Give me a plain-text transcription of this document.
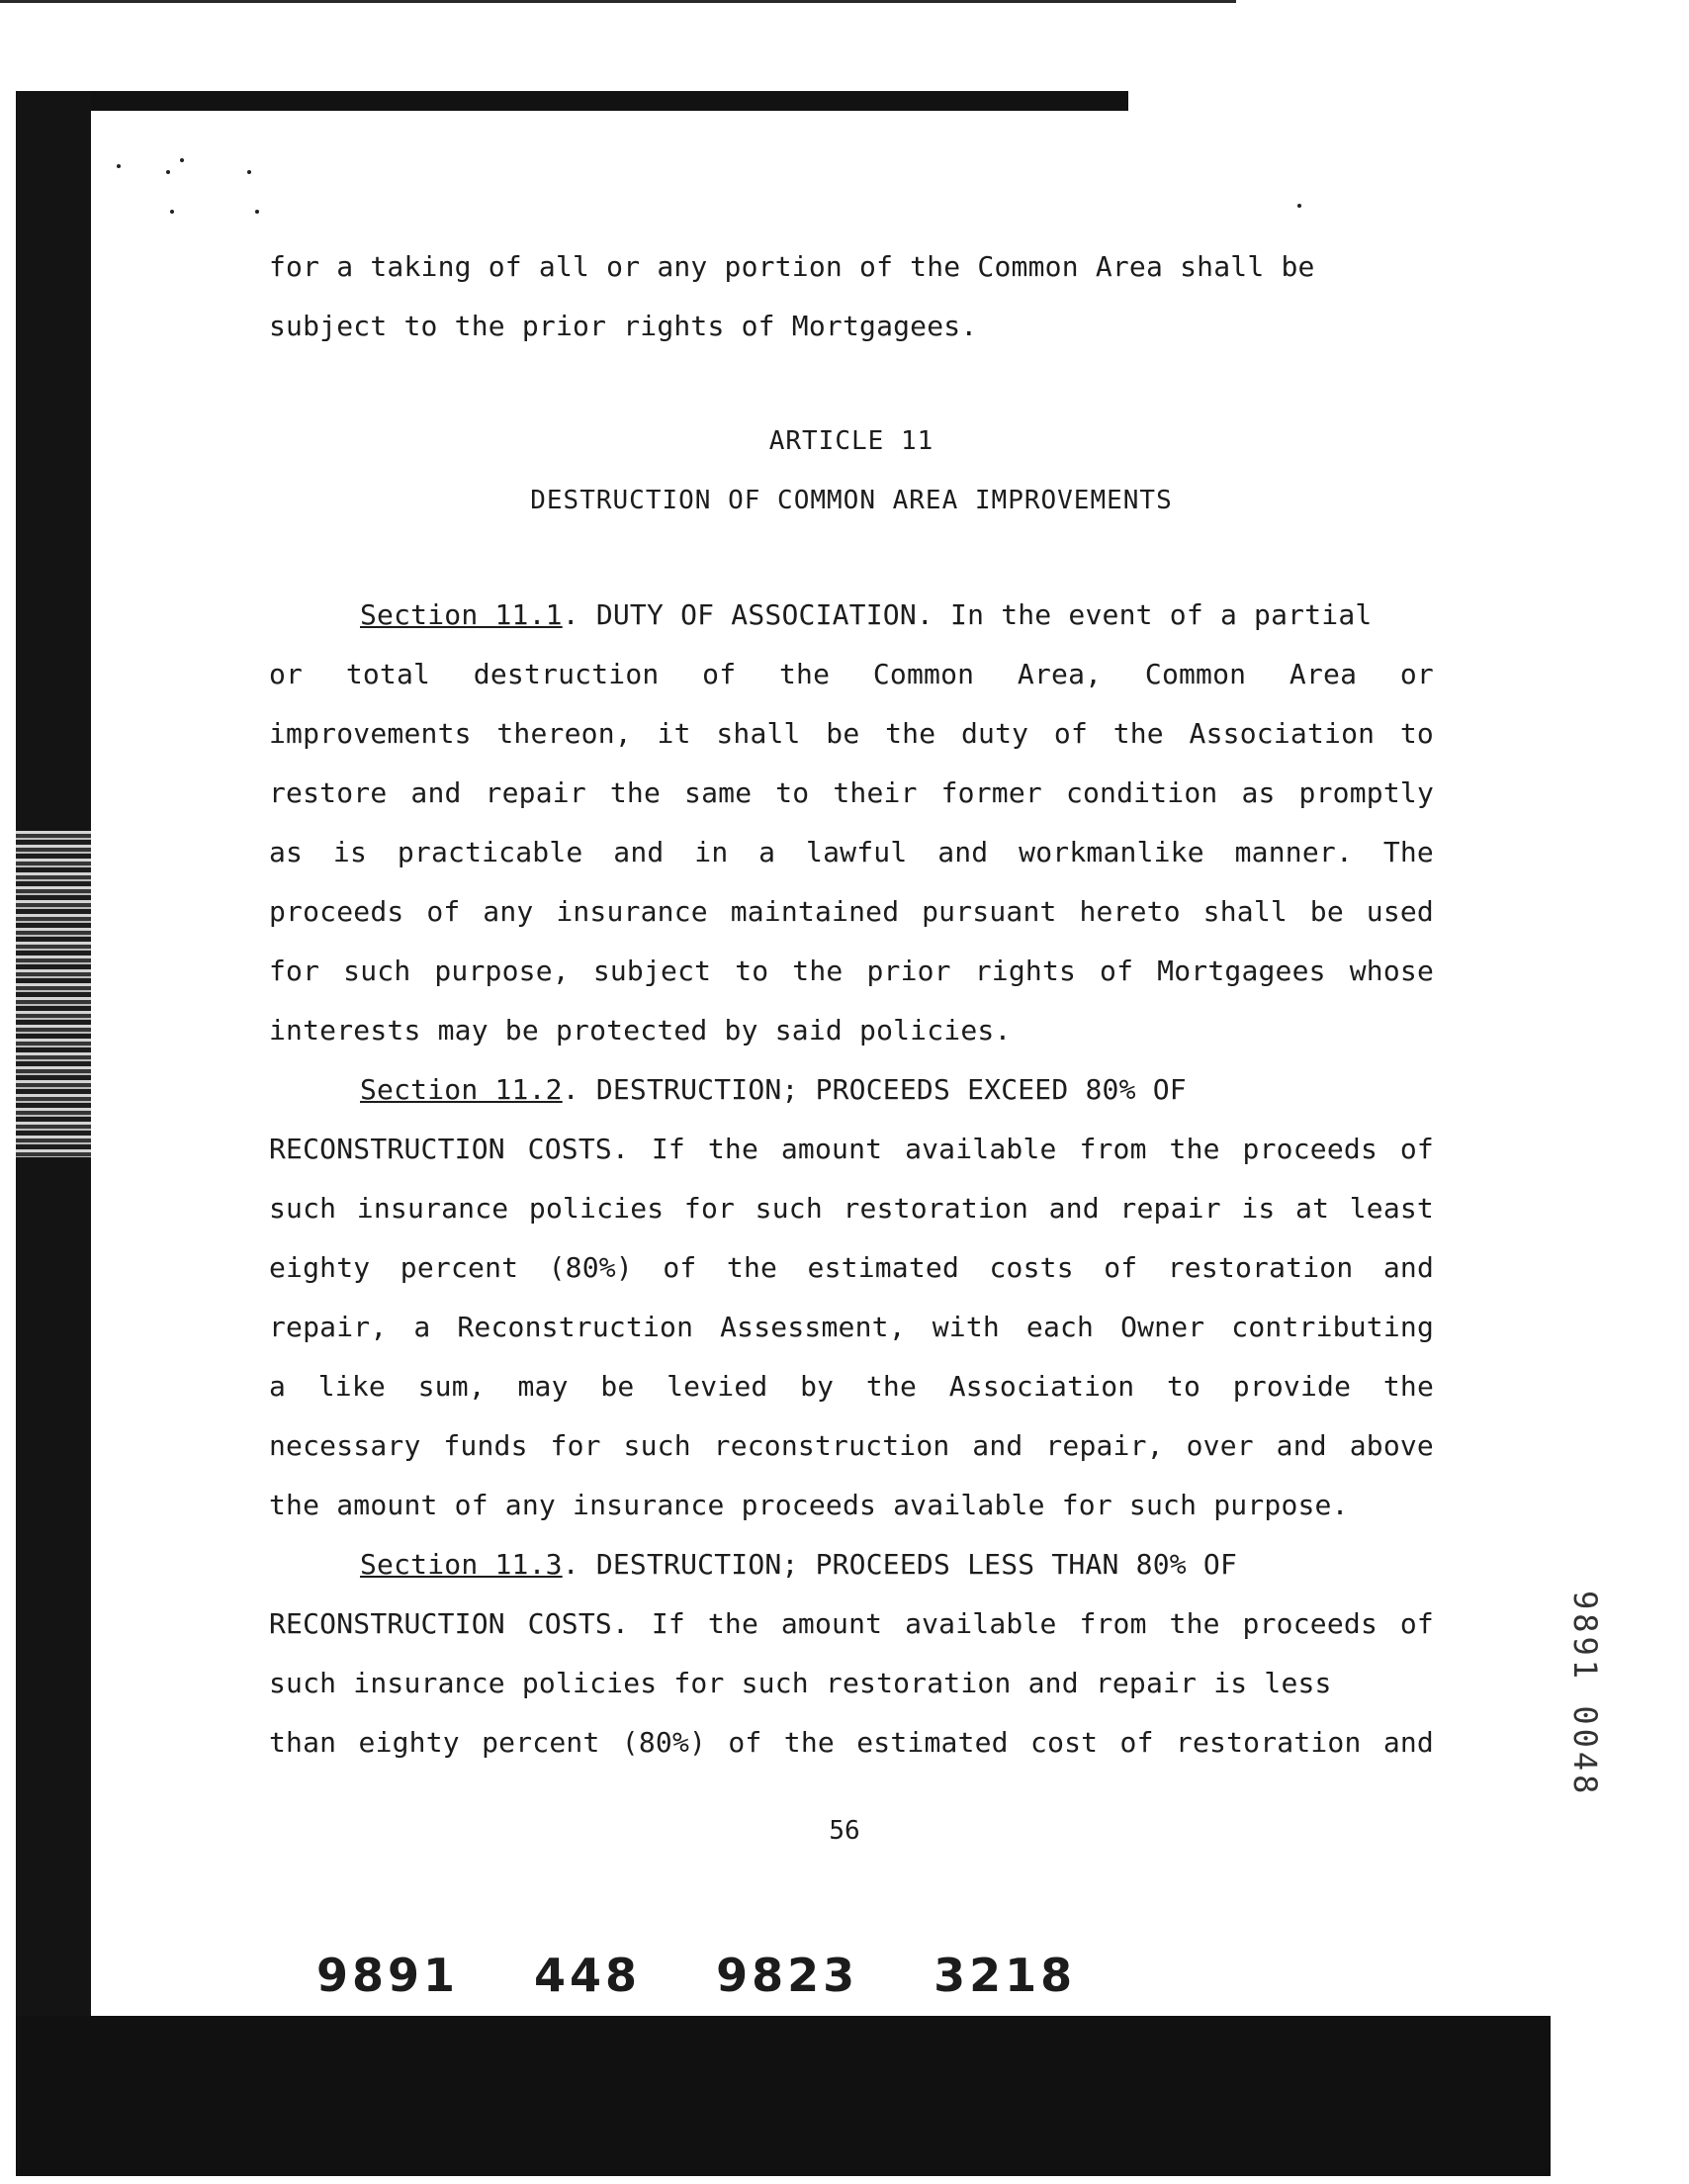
for a taking of all or any portion of the Common Area shall be
subject to the prior rights of Mortgagees.
ARTICLE 11
DESTRUCTION OF COMMON AREA IMPROVEMENTS
Section 11.1. DUTY OF ASSOCIATION. In the event of a partial
or total destruction of the Common Area, Common Area or
improvements thereon, it shall be the duty of the Association to
restore and repair the same to their former condition as promptly
as is practicable and in a lawful and workmanlike manner. The
proceeds of any insurance maintained pursuant hereto shall be used
for such purpose, subject to the prior rights of Mortgagees whose
interests may be protected by said policies.
Section 11.2. DESTRUCTION; PROCEEDS EXCEED 80% OF
RECONSTRUCTION COSTS. If the amount available from the proceeds of
such insurance policies for such restoration and repair is at least
eighty percent (80%) of the estimated costs of restoration and
repair, a Reconstruction Assessment, with each Owner contributing
a like sum, may be levied by the Association to provide the
necessary funds for such reconstruction and repair, over and above
the amount of any insurance proceeds available for such purpose.
Section 11.3. DESTRUCTION; PROCEEDS LESS THAN 80% OF
RECONSTRUCTION COSTS. If the amount available from the proceeds of
such insurance policies for such restoration and repair is less
than eighty percent (80%) of the estimated cost of restoration and
56
9891 448 9823 3218
9891 0048
